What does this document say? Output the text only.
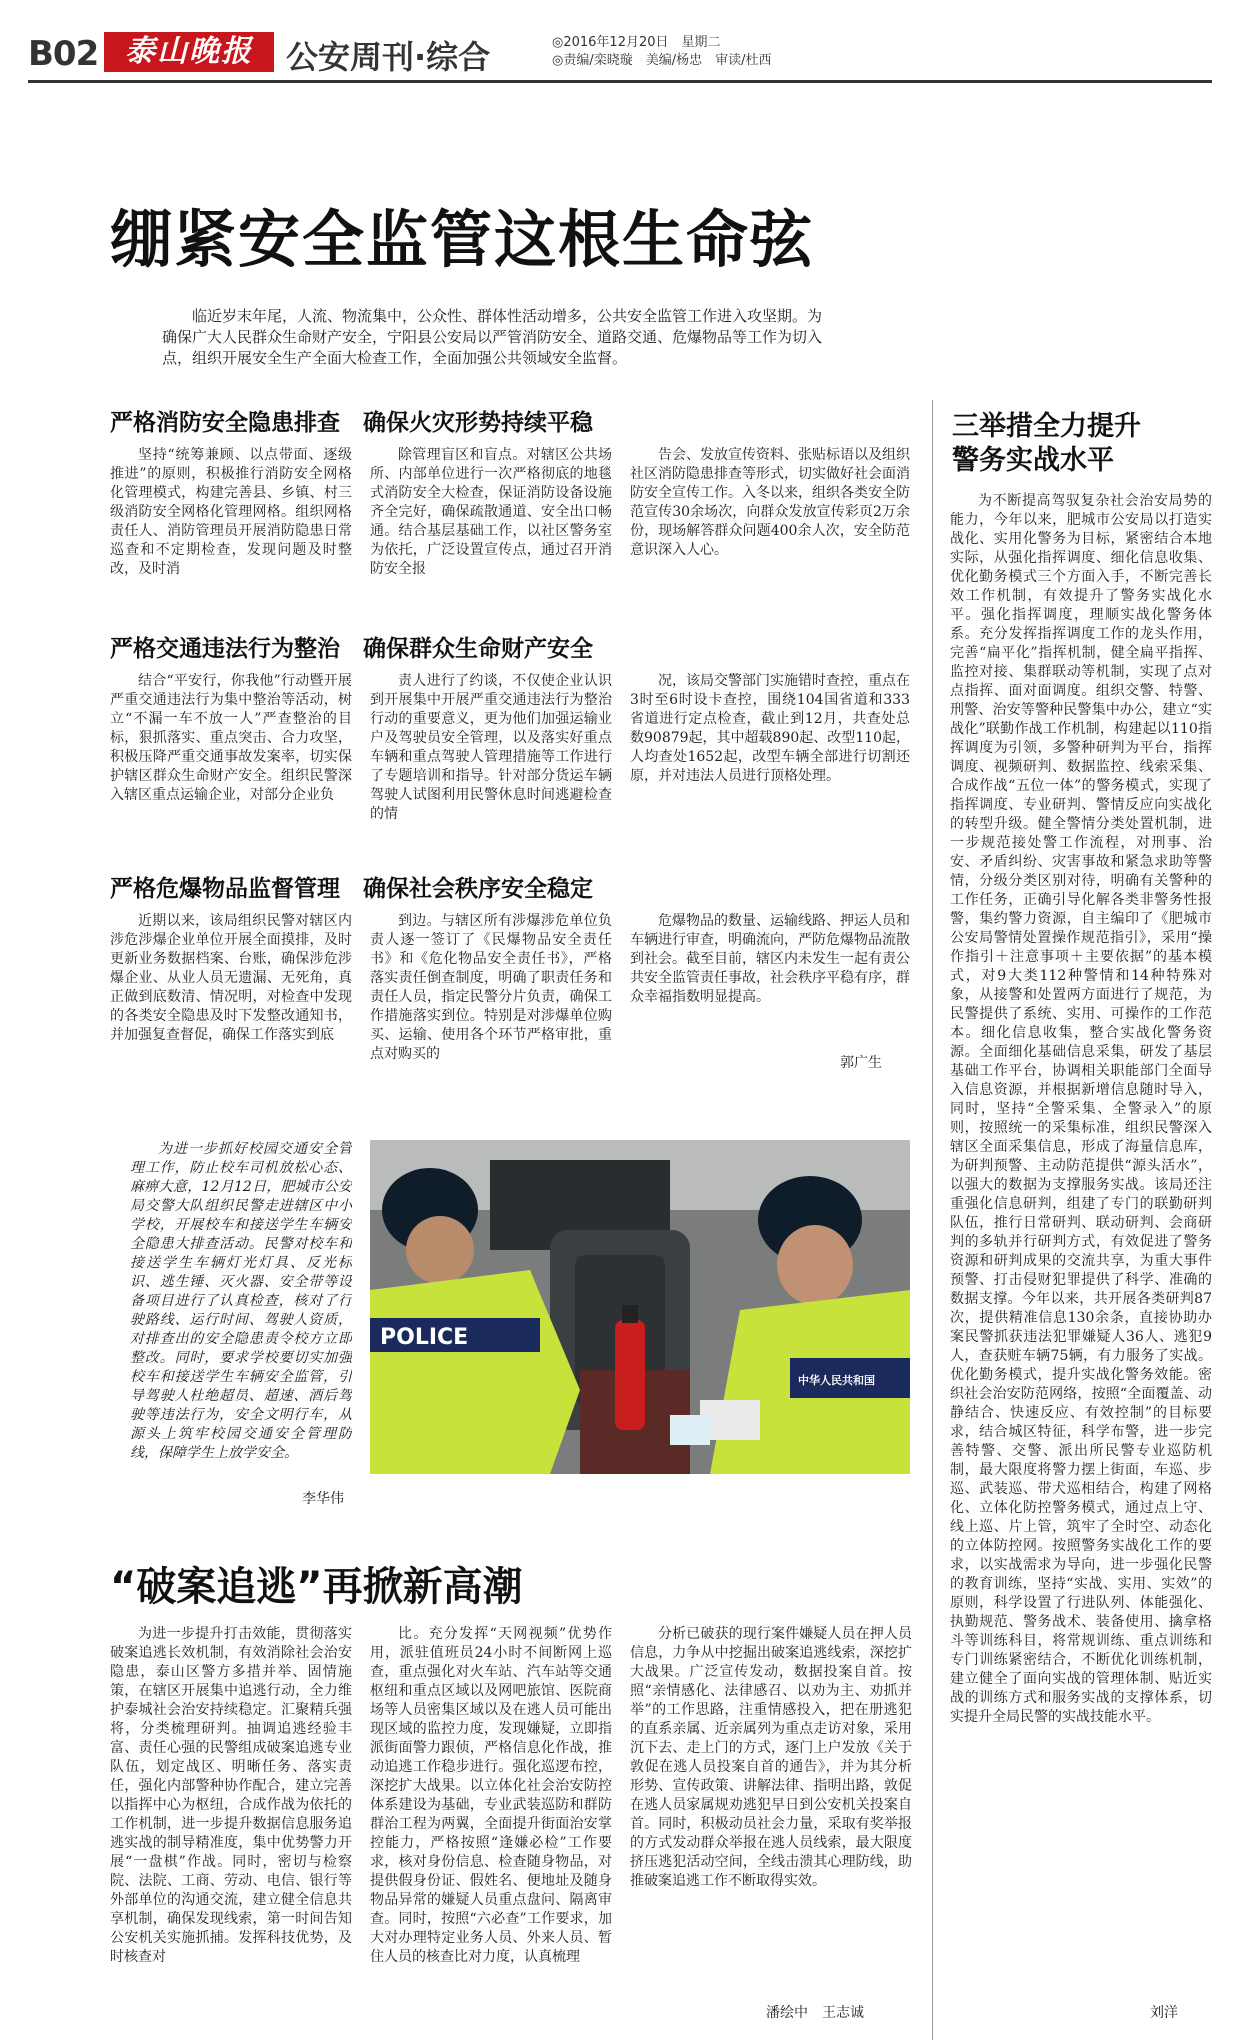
B02 泰山晚报	公安周刊·综合	◎2016年12月20日　星期二
◎责编/栾晓璇　美编/杨忠　审读/杜西
绷紧安全监管这根生命弦
临近岁末年尾，人流、物流集中，公众性、群体性活动增多，公共安全监管工作进入攻坚期。为确保广大人民群众生命财产安全，宁阳县公安局以严管消防安全、道路交通、危爆物品等工作为切入点，组织开展安全生产全面大检查工作，全面加强公共领域安全监督。
严格消防安全隐患排查　确保火灾形势持续平稳
坚持“统筹兼顾、以点带面、逐级推进”的原则，积极推行消防安全网格化管理模式，构建完善县、乡镇、村三级消防安全网格化管理网格。组织网格责任人、消防管理员开展消防隐患日常巡查和不定期检查，发现问题及时整改，及时消
除管理盲区和盲点。对辖区公共场所、内部单位进行一次严格彻底的地毯式消防安全大检查，保证消防设备设施齐全完好，确保疏散通道、安全出口畅通。结合基层基础工作，以社区警务室为依托，广泛设置宣传点，通过召开消防安全报
告会、发放宣传资料、张贴标语以及组织社区消防隐患排查等形式，切实做好社会面消防安全宣传工作。入冬以来，组织各类安全防范宣传30余场次，向群众发放宣传彩页2万余份，现场解答群众问题400余人次，安全防范意识深入人心。
严格交通违法行为整治　确保群众生命财产安全
结合“平安行，你我他”行动暨开展严重交通违法行为集中整治等活动，树立“不漏一车不放一人”严查整治的目标，狠抓落实、重点突击、合力攻坚，积极压降严重交通事故发案率，切实保护辖区群众生命财产安全。组织民警深入辖区重点运输企业，对部分企业负
责人进行了约谈，不仅使企业认识到开展集中开展严重交通违法行为整治行动的重要意义，更为他们加强运输业户及驾驶员安全管理，以及落实好重点车辆和重点驾驶人管理措施等工作进行了专题培训和指导。针对部分货运车辆驾驶人试图利用民警休息时间逃避检查的情
况，该局交警部门实施错时查控，重点在3时至6时设卡查控，围绕104国省道和333省道进行定点检查，截止到12月，共查处总数90879起，其中超载890起、改型110起，人均查处1652起，改型车辆全部进行切割还原，并对违法人员进行顶格处理。
严格危爆物品监督管理　确保社会秩序安全稳定
近期以来，该局组织民警对辖区内涉危涉爆企业单位开展全面摸排，及时更新业务数据档案、台账，确保涉危涉爆企业、从业人员无遗漏、无死角，真正做到底数清、情况明，对检查中发现的各类安全隐患及时下发整改通知书，并加强复查督促，确保工作落实到底
到边。与辖区所有涉爆涉危单位负责人逐一签订了《民爆物品安全责任书》和《危化物品安全责任书》，严格落实责任倒查制度，明确了职责任务和责任人员，指定民警分片负责，确保工作措施落实到位。特别是对涉爆单位购买、运输、使用各个环节严格审批，重点对购买的
危爆物品的数量、运输线路、押运人员和车辆进行审查，明确流向，严防危爆物品流散到社会。截至目前，辖区内未发生一起有责公共安全监管责任事故，社会秩序平稳有序，群众幸福指数明显提高。
郭广生
为进一步抓好校园交通安全管理工作，防止校车司机放松心态、麻痹大意，12月12日，肥城市公安局交警大队组织民警走进辖区中小学校，开展校车和接送学生车辆安全隐患大排查活动。民警对校车和接送学生车辆灯光灯具、反光标识、逃生锤、灭火器、安全带等设备项目进行了认真检查，核对了行驶路线、运行时间、驾驶人资质，对排查出的安全隐患责令校方立即整改。同时，要求学校要切实加强校车和接送学生车辆安全监管，引导驾驶人杜绝超员、超速、酒后驾驶等违法行为，安全文明行车，从源头上筑牢校园交通安全管理防线，保障学生上放学安全。
李华伟
POLICE
中华人民共和国
“破案追逃”再掀新高潮
为进一步提升打击效能，贯彻落实破案追逃长效机制，有效消除社会治安隐患，泰山区警方多措并举、固情施策，在辖区开展集中追逃行动，全力维护泰城社会治安持续稳定。汇聚精兵强将，分类梳理研判。抽调追逃经验丰富、责任心强的民警组成破案追逃专业队伍，划定战区、明晰任务、落实责任，强化内部警种协作配合，建立完善以指挥中心为枢纽，合成作战为依托的工作机制，进一步提升数据信息服务追逃实战的制导精准度，集中优势警力开展“一盘棋”作战。同时，密切与检察院、法院、工商、劳动、电信、银行等外部单位的沟通交流，建立健全信息共享机制，确保发现线索，第一时间告知公安机关实施抓捕。发挥科技优势，及时核查对
比。充分发挥“天网视频”优势作用，派驻值班员24小时不间断网上巡查，重点强化对火车站、汽车站等交通枢纽和重点区域以及网吧旅馆、医院商场等人员密集区域以及在逃人员可能出现区域的监控力度，发现嫌疑，立即指派街面警力跟侦，严格信息化作战，推动追逃工作稳步进行。强化巡逻布控，深挖扩大战果。以立体化社会治安防控体系建设为基础，专业武装巡防和群防群治工程为两翼，全面提升街面治安掌控能力，严格按照“逢嫌必检”工作要求，核对身份信息、检查随身物品，对提供假身份证、假姓名、便地址及随身物品异常的嫌疑人员重点盘问、隔离审查。同时，按照“六必查”工作要求，加大对办理特定业务人员、外来人员、暂住人员的核查比对力度，认真梳理
分析已破获的现行案件嫌疑人员在押人员信息，力争从中挖掘出破案追逃线索，深挖扩大战果。广泛宣传发动，数据投案自首。按照“亲情感化、法律感召、以劝为主、劝抓并举”的工作思路，注重情感投入，把在册逃犯的直系亲属、近亲属列为重点走访对象，采用沉下去、走上门的方式，逐门上户发放《关于敦促在逃人员投案自首的通告》，并为其分析形势、宣传政策、讲解法律、指明出路，敦促在逃人员家属规劝逃犯早日到公安机关投案自首。同时，积极动员社会力量，采取有奖举报的方式发动群众举报在逃人员线索，最大限度挤压逃犯活动空间，全线击溃其心理防线，助推破案追逃工作不断取得实效。
潘绘中　王志诚
三举措全力提升
警务实战水平
为不断提高驾驭复杂社会治安局势的能力，今年以来，肥城市公安局以打造实战化、实用化警务为目标，紧密结合本地实际，从强化指挥调度、细化信息收集、优化勤务模式三个方面入手，不断完善长效工作机制，有效提升了警务实战化水平。强化指挥调度，理顺实战化警务体系。充分发挥指挥调度工作的龙头作用，完善“扁平化”指挥机制，健全扁平指挥、监控对接、集群联动等机制，实现了点对点指挥、面对面调度。组织交警、特警、刑警、治安等警种民警集中办公，建立“实战化”联勤作战工作机制，构建起以110指挥调度为引领，多警种研判为平台，指挥调度、视频研判、数据监控、线索采集、合成作战“五位一体”的警务模式，实现了指挥调度、专业研判、警情反应向实战化的转型升级。健全警情分类处置机制，进一步规范接处警工作流程，对刑事、治安、矛盾纠纷、灾害事故和紧急求助等警情，分级分类区别对待，明确有关警种的工作任务，正确引导化解各类非警务性报警，集约警力资源，自主编印了《肥城市公安局警情处置操作规范指引》，采用“操作指引＋注意事项＋主要依据”的基本模式，对9大类112种警情和14种特殊对象，从接警和处置两方面进行了规范，为民警提供了系统、实用、可操作的工作范本。细化信息收集，整合实战化警务资源。全面细化基础信息采集，研发了基层基础工作平台，协调相关职能部门全面导入信息资源，并根据新增信息随时导入，同时，坚持“全警采集、全警录入”的原则，按照统一的采集标准，组织民警深入辖区全面采集信息，形成了海量信息库，为研判预警、主动防范提供“源头活水”，以强大的数据为支撑服务实战。该局还注重强化信息研判，组建了专门的联勤研判队伍，推行日常研判、联动研判、会商研判的多轨并行研判方式，有效促进了警务资源和研判成果的交流共享，为重大事件预警、打击侵财犯罪提供了科学、准确的数据支撑。今年以来，共开展各类研判87次，提供精准信息130余条，直接协助办案民警抓获违法犯罪嫌疑人36人、逃犯9人，查获赃车辆75辆，有力服务了实战。优化勤务模式，提升实战化警务效能。密织社会治安防范网络，按照“全面覆盖、动静结合、快速反应、有效控制”的目标要求，结合城区特征，科学布警，进一步完善特警、交警、派出所民警专业巡防机制，最大限度将警力摆上街面，车巡、步巡、武装巡、带犬巡相结合，构建了网格化、立体化防控警务模式，通过点上守、线上巡、片上管，筑牢了全时空、动态化的立体防控网。按照警务实战化工作的要求，以实战需求为导向，进一步强化民警的教育训练，坚持“实战、实用、实效”的原则，科学设置了行进队列、体能强化、执勤规范、警务战术、装备使用、擒拿格斗等训练科目，将常规训练、重点训练和专门训练紧密结合，不断优化训练机制，建立健全了面向实战的管理体制、贴近实战的训练方式和服务实战的支撑体系，切实提升全局民警的实战技能水平。
刘洋
